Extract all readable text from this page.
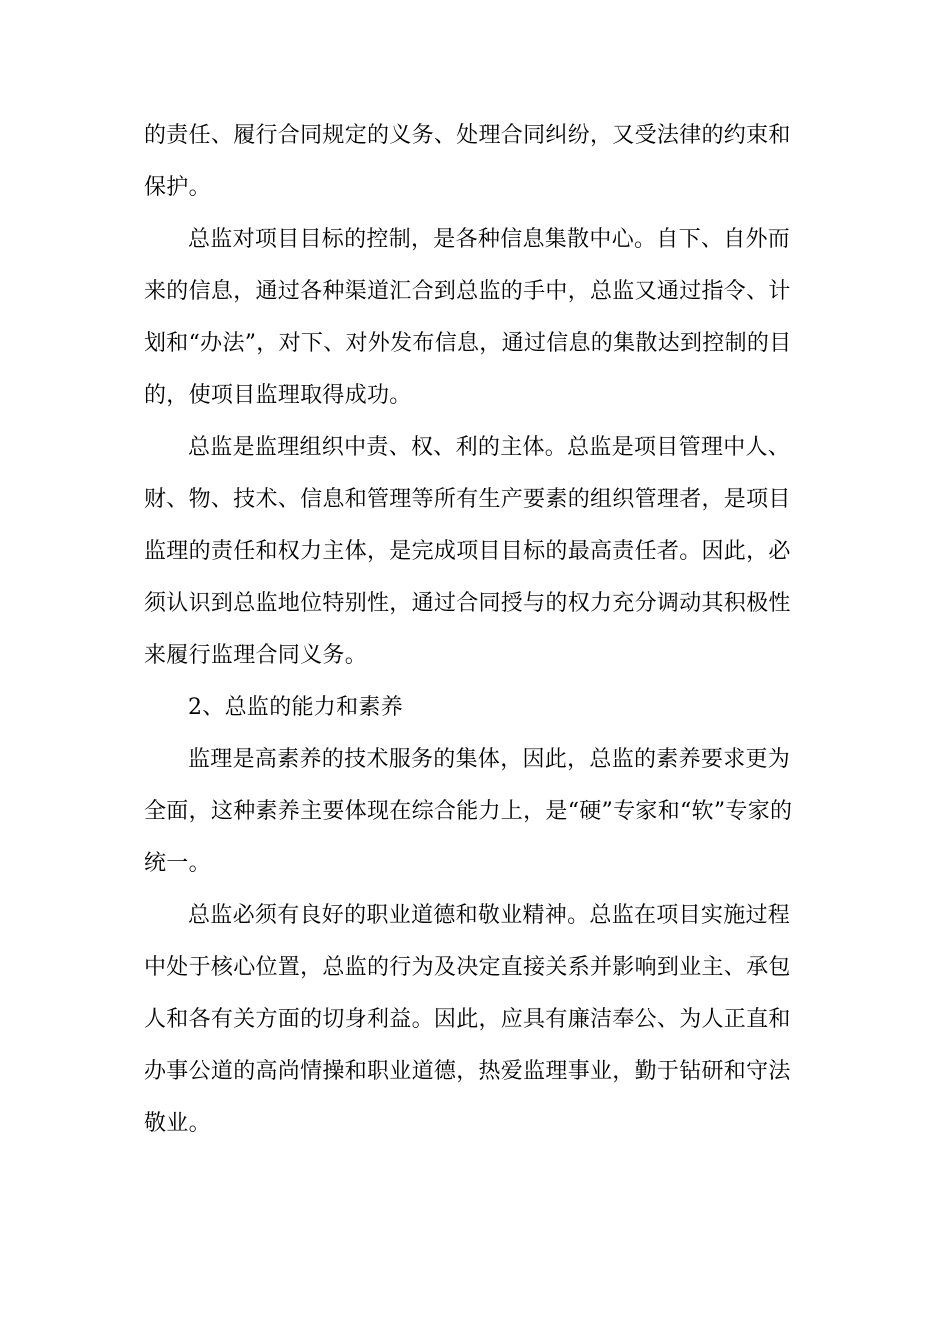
的责任、履行合同规定的义务、处理合同纠纷，又受法律的约束和
保护。
总监对项目目标的控制，是各种信息集散中心。自下、自外而
来的信息，通过各种渠道汇合到总监的手中，总监又通过指令、计
划和“办法”，对下、对外发布信息，通过信息的集散达到控制的目
的，使项目监理取得成功。
总监是监理组织中责、权、利的主体。总监是项目管理中人、
财、物、技术、信息和管理等所有生产要素的组织管理者，是项目
监理的责任和权力主体，是完成项目目标的最高责任者。因此，必
须认识到总监地位特别性，通过合同授与的权力充分调动其积极性
来履行监理合同义务。
2、总监的能力和素养
监理是高素养的技术服务的集体，因此，总监的素养要求更为
全面，这种素养主要体现在综合能力上，是“硬”专家和“软”专家的
统一。
总监必须有良好的职业道德和敬业精神。总监在项目实施过程
中处于核心位置，总监的行为及决定直接关系并影响到业主、承包
人和各有关方面的切身利益。因此，应具有廉洁奉公、为人正直和
办事公道的高尚情操和职业道德，热爱监理事业，勤于钻研和守法
敬业。
